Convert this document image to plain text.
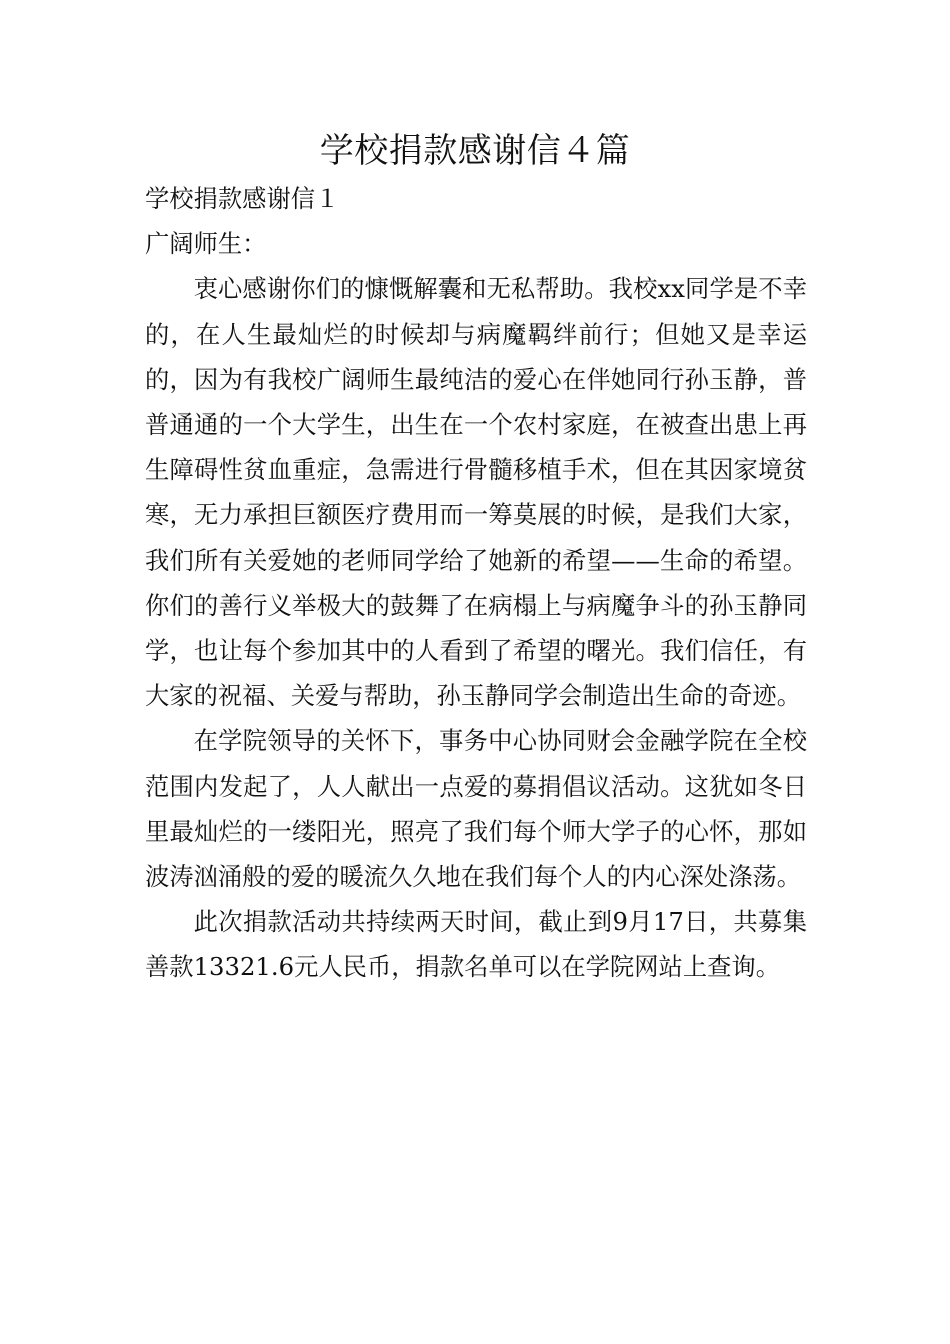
学校捐款感谢信４篇

学校捐款感谢信１

广阔师生：

衷心感谢你们的慷慨解囊和无私帮助。我校xx同学是不幸的，在人生最灿烂的时候却与病魔羁绊前行；但她又是幸运的，因为有我校广阔师生最纯洁的爱心在伴她同行孙玉静，普普通通的一个大学生，出生在一个农村家庭，在被查出患上再生障碍性贫血重症，急需进行骨髓移植手术，但在其因家境贫寒，无力承担巨额医疗费用而一筹莫展的时候，是我们大家，我们所有关爱她的老师同学给了她新的希望——生命的希望。你们的善行义举极大的鼓舞了在病榻上与病魔争斗的孙玉静同学，也让每个参加其中的人看到了希望的曙光。我们信任，有大家的祝福、关爱与帮助，孙玉静同学会制造出生命的奇迹。

在学院领导的关怀下，事务中心协同财会金融学院在全校范围内发起了，人人献出一点爱的募捐倡议活动。这犹如冬日里最灿烂的一缕阳光，照亮了我们每个师大学子的心怀，那如波涛汹涌般的爱的暖流久久地在我们每个人的内心深处涤荡。

此次捐款活动共持续两天时间，截止到9月17日，共募集善款13321.6元人民币，捐款名单可以在学院网站上查询。
